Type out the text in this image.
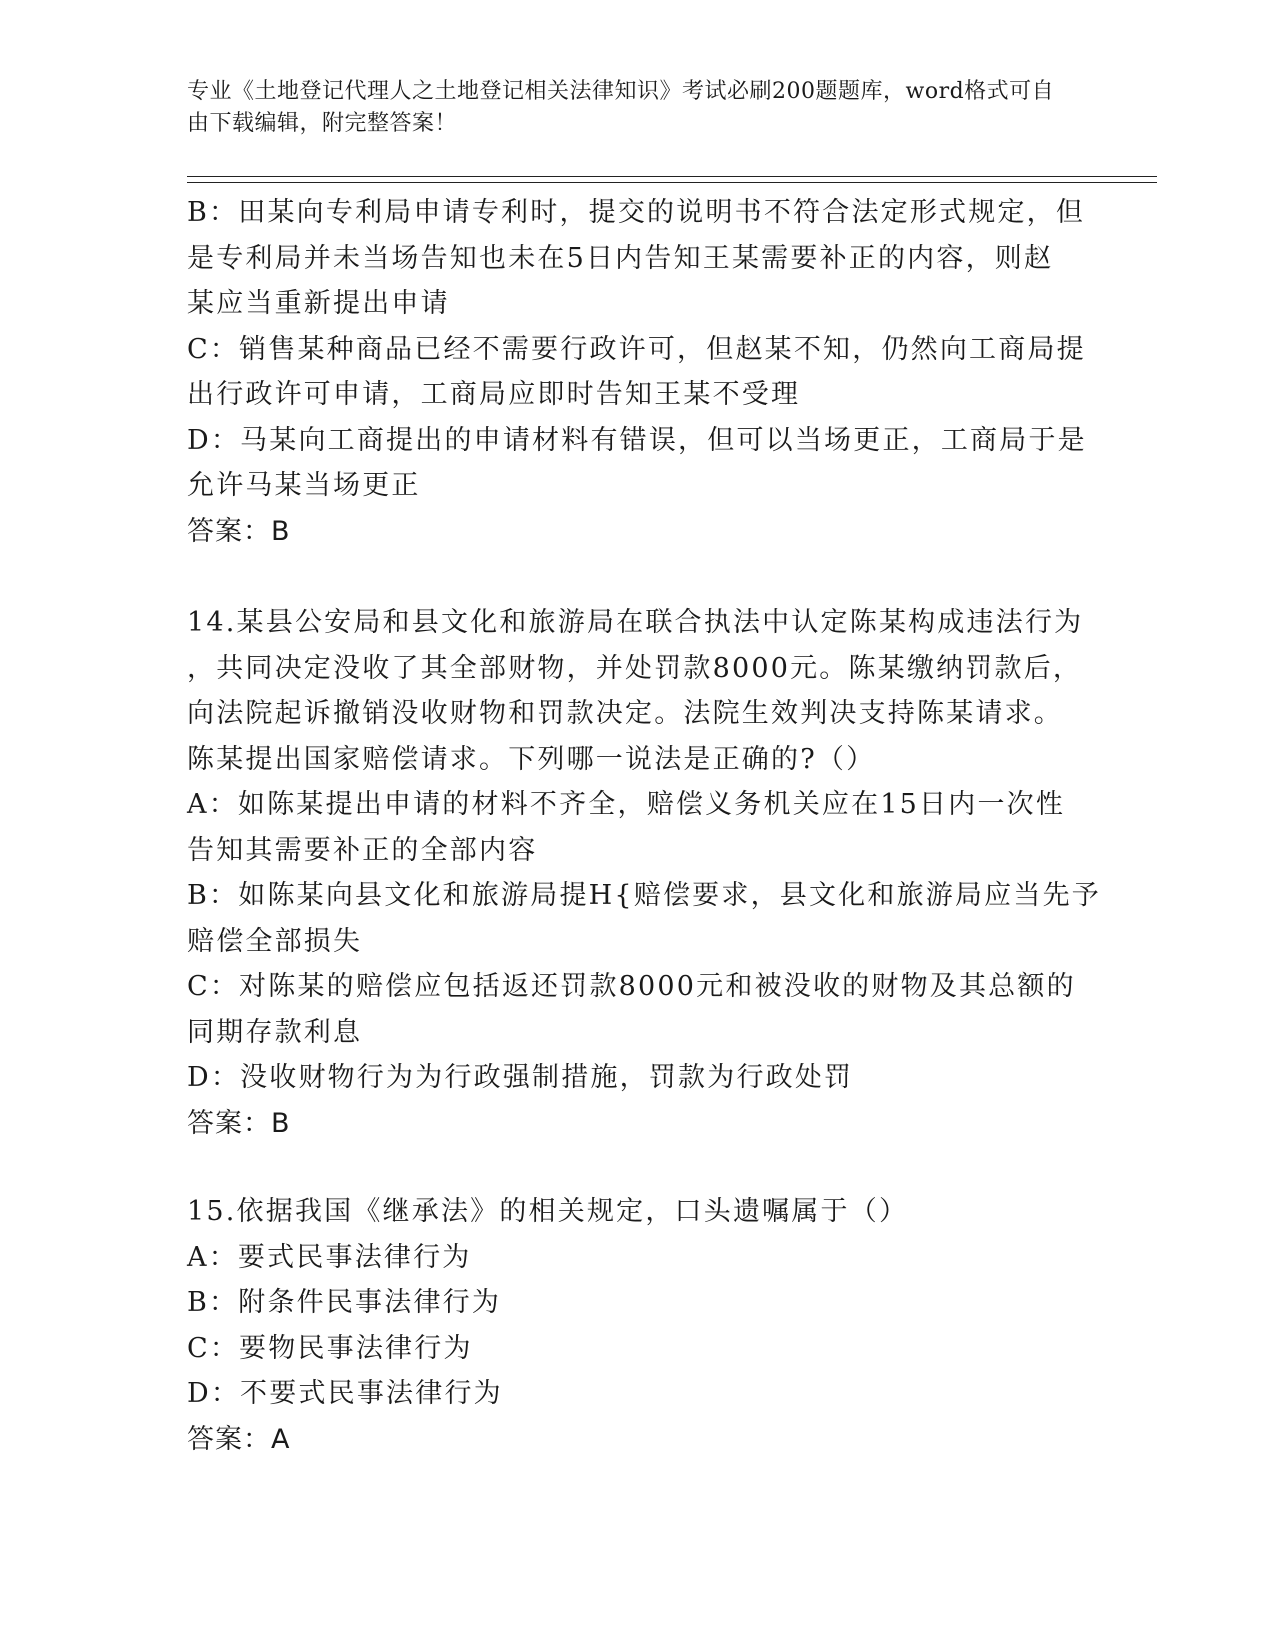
专业《土地登记代理人之土地登记相关法律知识》考试必刷200题题库，word格式可自由下载编辑，附完整答案！
B：田某向专利局申请专利时，提交的说明书不符合法定形式规定，但
是专利局并未当场告知也未在5日内告知王某需要补正的内容，则赵
某应当重新提出申请
C：销售某种商品已经不需要行政许可，但赵某不知，仍然向工商局提
出行政许可申请，工商局应即时告知王某不受理
D：马某向工商提出的申请材料有错误，但可以当场更正，工商局于是
允许马某当场更正
答案：B
14.某县公安局和县文化和旅游局在联合执法中认定陈某构成违法行为
，共同决定没收了其全部财物，并处罚款8000元。陈某缴纳罚款后，
向法院起诉撤销没收财物和罚款决定。法院生效判决支持陈某请求。
陈某提出国家赔偿请求。下列哪一说法是正确的?（）
A：如陈某提出申请的材料不齐全，赔偿义务机关应在15日内一次性
告知其需要补正的全部内容
B：如陈某向县文化和旅游局提H{赔偿要求，县文化和旅游局应当先予
赔偿全部损失
C：对陈某的赔偿应包括返还罚款8000元和被没收的财物及其总额的
同期存款利息
D：没收财物行为为行政强制措施，罚款为行政处罚
答案：B
15.依据我国《继承法》的相关规定，口头遗嘱属于（）
A：要式民事法律行为
B：附条件民事法律行为
C：要物民事法律行为
D：不要式民事法律行为
答案：A
